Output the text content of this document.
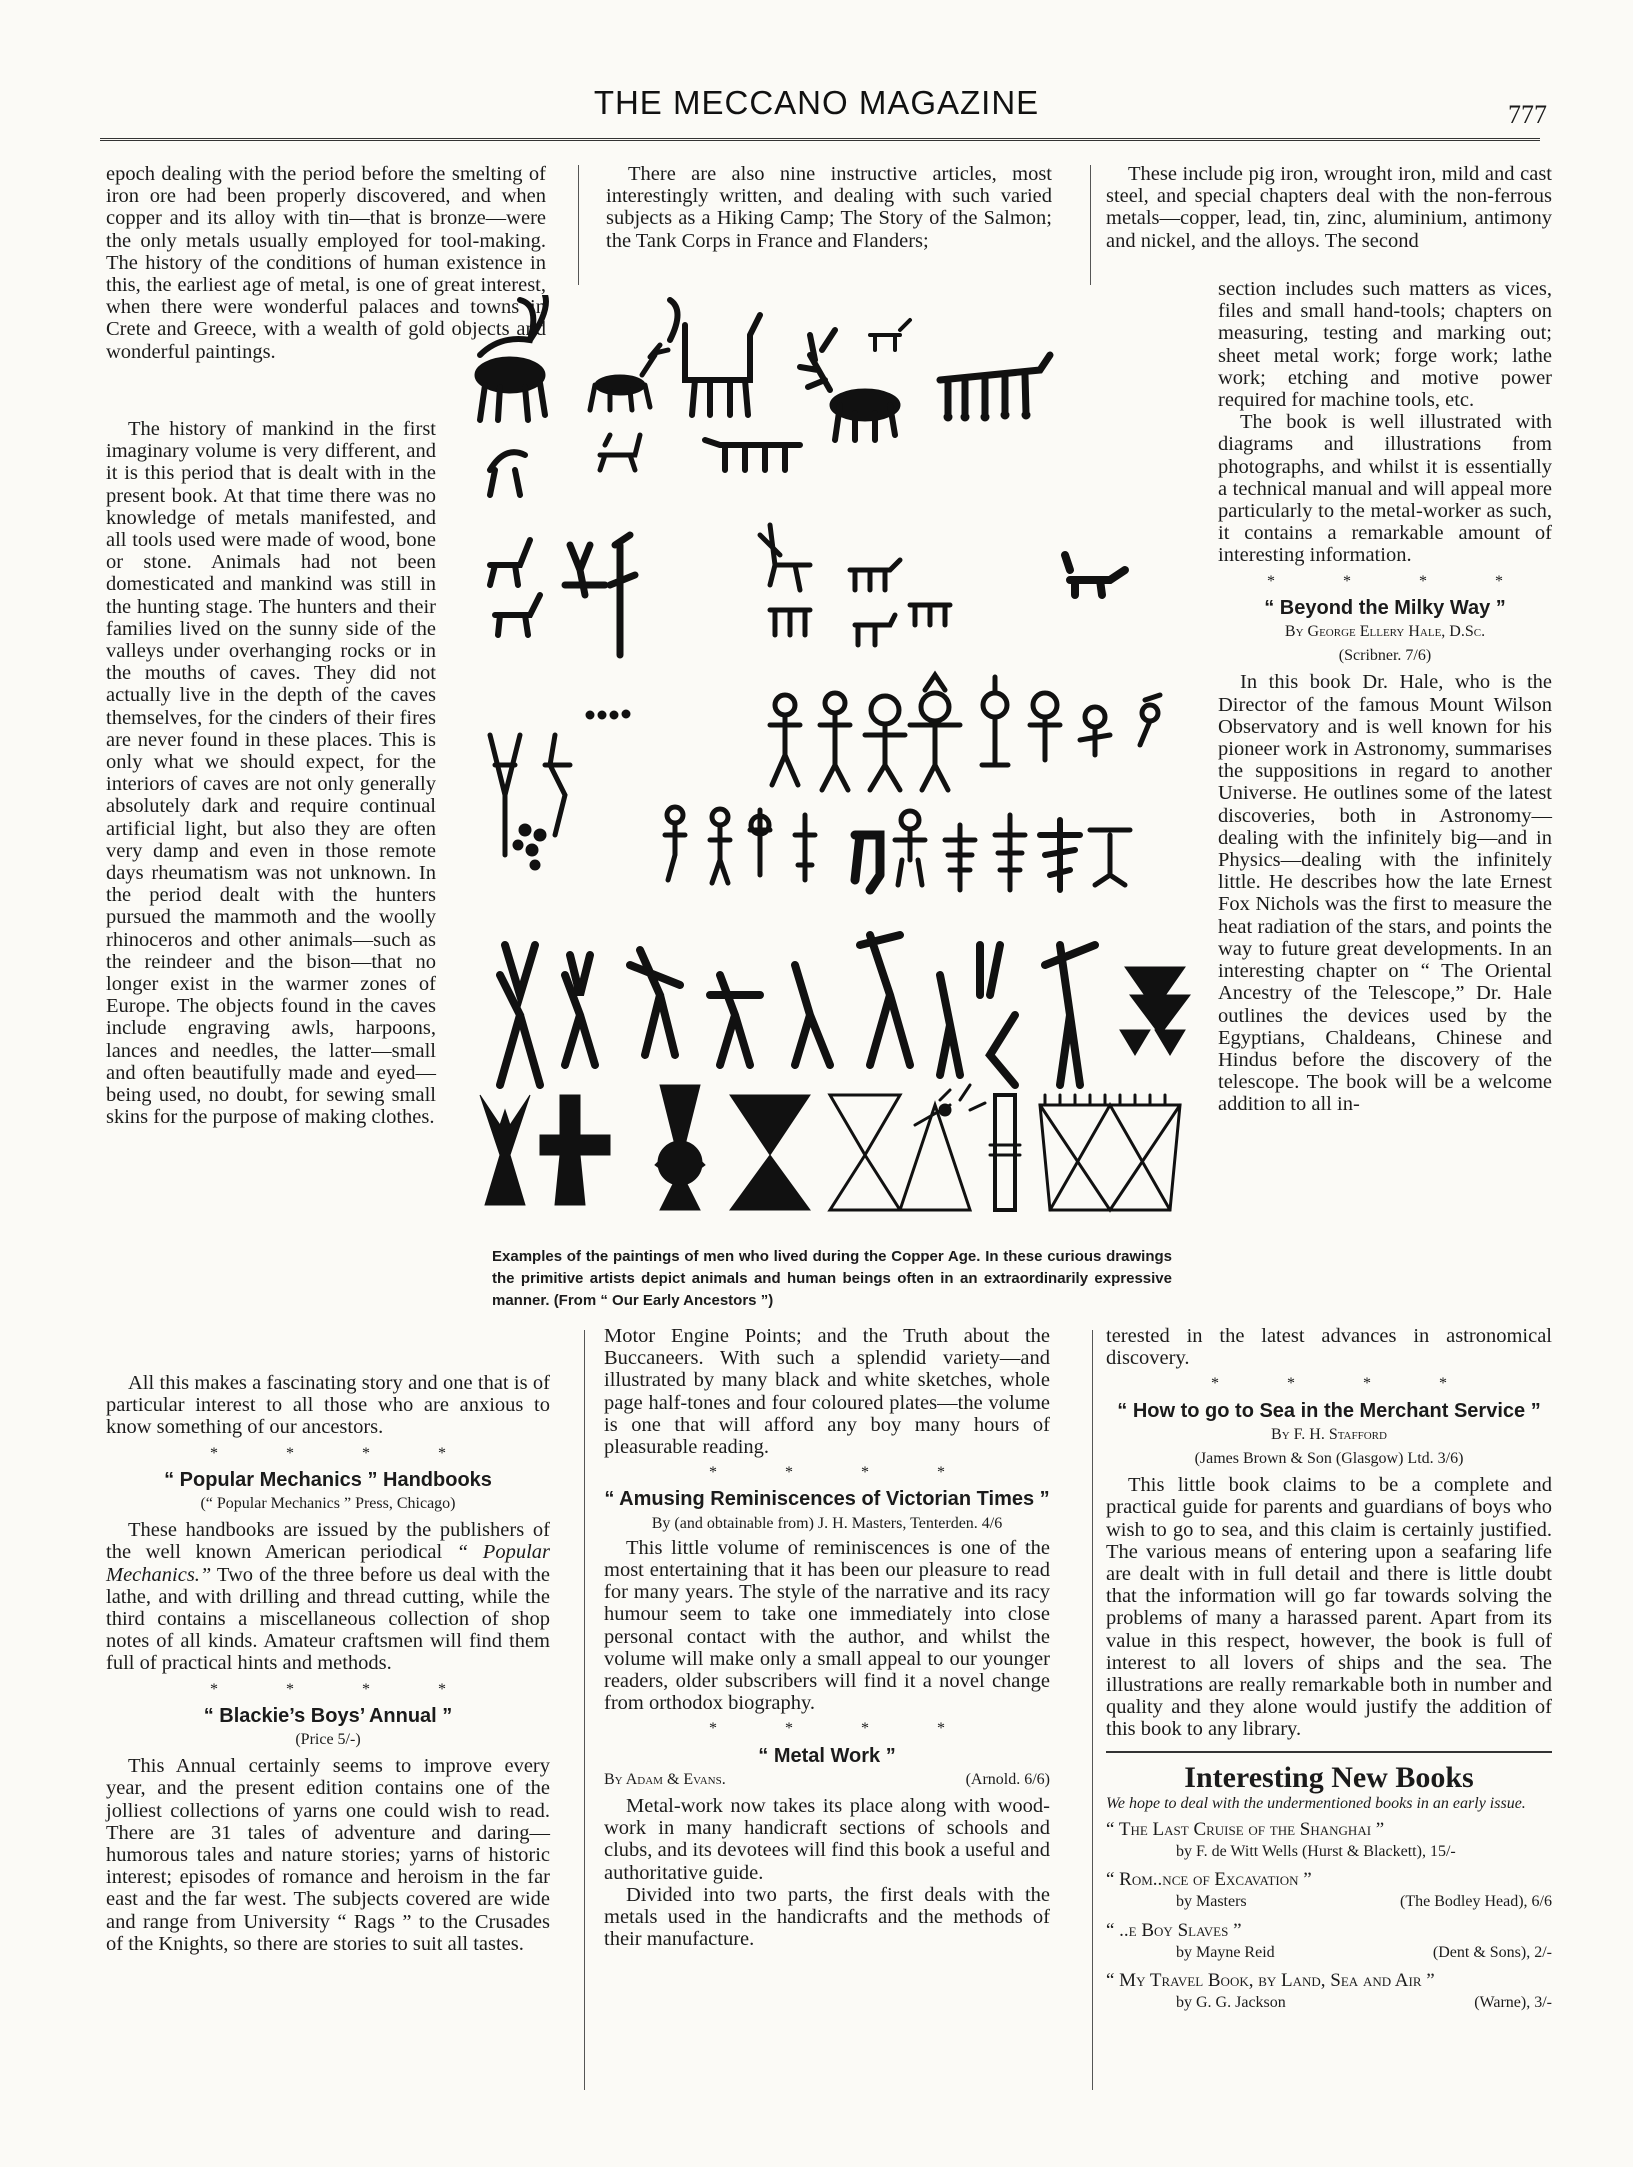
THE MECCANO MAGAZINE	777

epoch dealing with the period before the smelting of iron ore had been properly discovered, and when copper and its alloy with tin—that is bronze—were the only metals usually employed for tool-making. The history of the conditions of human existence in this, the earliest age of metal, is one of great interest, when there were wonderful palaces and towns in Crete and Greece, with a wealth of gold objects and wonderful paintings.

The history of mankind in the first imaginary volume is very different, and it is this period that is dealt with in the present book. At that time there was no knowledge of metals manifested, and all tools used were made of wood, bone or stone. Animals had not been domesticated and mankind was still in the hunting stage. The hunters and their families lived on the sunny side of the valleys under overhanging rocks or in the mouths of caves. They did not actually live in the depth of the caves themselves, for the cinders of their fires are never found in these places. This is only what we should expect, for the interiors of caves are not only generally absolutely dark and require continual artificial light, but also they are often very damp and even in those remote days rheumatism was not unknown. In the period dealt with the hunters pursued the mammoth and the woolly rhinoceros and other animals—such as the reindeer and the bison—that no longer exist in the warmer zones of Europe. The objects found in the caves include engraving awls, harpoons, lances and needles, the latter—small and often beautifully made and eyed—being used, no doubt, for sewing small skins for the purpose of making clothes.

All this makes a fascinating story and one that is of particular interest to all those who are anxious to know something of our ancestors.

* * * *
“ Popular Mechanics ” Handbooks
(“ Popular Mechanics ” Press, Chicago)

These handbooks are issued by the publishers of the well known American periodical “ Popular Mechanics.” Two of the three before us deal with the lathe, and with drilling and thread cutting, while the third contains a miscellaneous collection of shop notes of all kinds. Amateur craftsmen will find them full of practical hints and methods.

* * * *
“ Blackie’s Boys’ Annual ”
(Price 5/-)

This Annual certainly seems to improve every year, and the present edition contains one of the jolliest collections of yarns one could wish to read. There are 31 tales of adventure and daring—humorous tales and nature stories; yarns of historic interest; episodes of romance and heroism in the far east and the far west. The subjects covered are wide and range from University “ Rags ” to the Crusades of the Knights, so there are stories to suit all tastes.

There are also nine instructive articles, most interestingly written, and dealing with such varied subjects as a Hiking Camp; The Story of the Salmon; the Tank Corps in France and Flanders;

These include pig iron, wrought iron, mild and cast steel, and special chapters deal with the non-ferrous metals—copper, lead, tin, zinc, aluminium, antimony and nickel, and the alloys. The second

section includes such matters as vices, files and small hand-tools; chapters on measuring, testing and marking out; sheet metal work; forge work; lathe work; etching and motive power required for machine tools, etc.

The book is well illustrated with diagrams and illustrations from photographs, and whilst it is essentially a technical manual and will appeal more particularly to the metal-worker as such, it contains a remarkable amount of interesting information.

* * * *
“ Beyond the Milky Way ”
By George Ellery Hale, D.Sc.
(Scribner. 7/6)

In this book Dr. Hale, who is the Director of the famous Mount Wilson Observatory and is well known for his pioneer work in Astronomy, summarises the suppositions in regard to another Universe. He outlines some of the latest discoveries, both in Astronomy—dealing with the infinitely big—and in Physics—dealing with the infinitely little. He describes how the late Ernest Fox Nichols was the first to measure the heat radiation of the stars, and points the way to future great developments. In an interesting chapter on “ The Oriental Ancestry of the Telescope,” Dr. Hale outlines the devices used by the Egyptians, Chaldeans, Chinese and Hindus before the discovery of the telescope. The book will be a welcome addition to all in-

Examples of the paintings of men who lived during the Copper Age. In these curious drawings the primitive artists depict animals and human beings often in an extraordinarily expressive manner. (From “ Our Early Ancestors ”)

Motor Engine Points; and the Truth about the Buccaneers. With such a splendid variety—and illustrated by many black and white sketches, whole page half-tones and four coloured plates—the volume is one that will afford any boy many hours of pleasurable reading.

* * * *
“ Amusing Reminiscences of Victorian Times ”
By (and obtainable from) J. H. Masters, Tenterden. 4/6

This little volume of reminiscences is one of the most entertaining that it has been our pleasure to read for many years. The style of the narrative and its racy humour seem to take one immediately into close personal contact with the author, and whilst the volume will make only a small appeal to our younger readers, older subscribers will find it a novel change from orthodox biography.

* * * *
“ Metal Work ”
By Adam & Evans.	(Arnold. 6/6)

Metal-work now takes its place along with wood-work in many handicraft sections of schools and clubs, and its devotees will find this book a useful and authoritative guide.

Divided into two parts, the first deals with the metals used in the handicrafts and the methods of their manufacture.

terested in the latest advances in astronomical discovery.

* * * *
“ How to go to Sea in the Merchant Service ”
By F. H. Stafford
(James Brown & Son (Glasgow) Ltd. 3/6)

This little book claims to be a complete and practical guide for parents and guardians of boys who wish to go to sea, and this claim is certainly justified. The various means of entering upon a seafaring life are dealt with in full detail and there is little doubt that the information will go far towards solving the problems of many a harassed parent. Apart from its value in this respect, however, the book is full of interest to all lovers of ships and the sea. The illustrations are really remarkable both in number and quality and they alone would justify the addition of this book to any library.

Interesting New Books
We hope to deal with the undermentioned books in an early issue.
“ The Last Cruise of the Shanghai ”
by F. de Witt Wells (Hurst & Blackett), 15/-
“ Rom..nce of Excavation ”
by Masters	(The Bodley Head), 6/6
“ ..e Boy Slaves ”
by Mayne Reid	(Dent & Sons), 2/-
“ My Travel Book, by Land, Sea and Air ”
by G. G. Jackson	(Warne), 3/-
